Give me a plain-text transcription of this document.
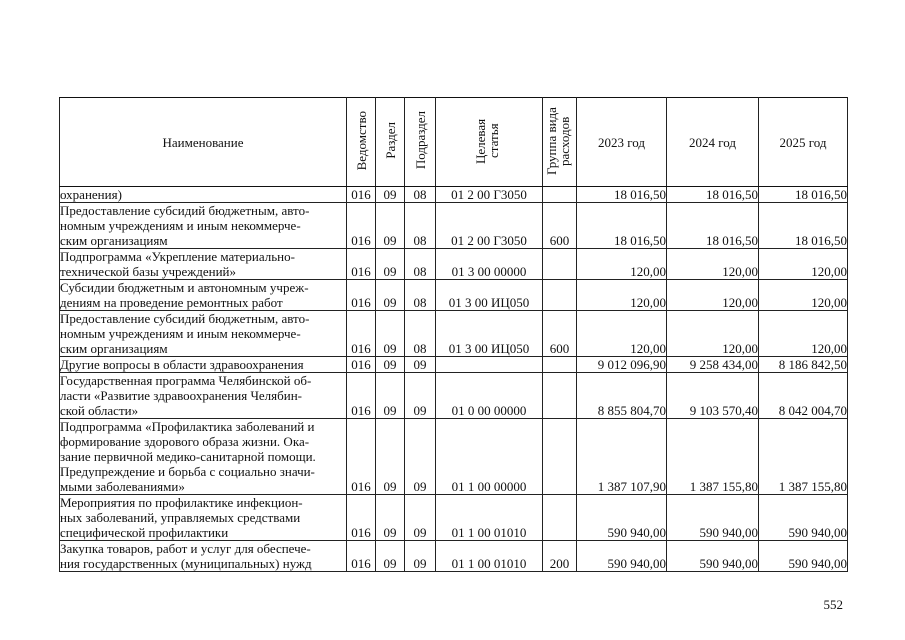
Наименование	Ведомство	Раздел	Подраздел	Целевая статья	Группа вида расходов	2023 год	2024 год	2025 год

охранения)	016	09	08	01 2 00 Г3050		18 016,50	18 016,50	18 016,50

Предоставление субсидий бюджетным, авто-
номным учреждениям и иным некоммерче-
ским организациям	016	09	08	01 2 00 Г3050	600	18 016,50	18 016,50	18 016,50

Подпрограмма «Укрепление материально-
технической базы учреждений»	016	09	08	01 3 00 00000		120,00	120,00	120,00

Субсидии бюджетным и автономным учреж-
дениям на проведение ремонтных работ	016	09	08	01 3 00 ИЦ050		120,00	120,00	120,00

Предоставление субсидий бюджетным, авто-
номным учреждениям и иным некоммерче-
ским организациям	016	09	08	01 3 00 ИЦ050	600	120,00	120,00	120,00

Другие вопросы в области здравоохранения	016	09	09			9 012 096,90	9 258 434,00	8 186 842,50

Государственная программа Челябинской об-
ласти «Развитие здравоохранения Челябин-
ской области»	016	09	09	01 0 00 00000		8 855 804,70	9 103 570,40	8 042 004,70

Подпрограмма «Профилактика заболеваний и
формирование здорового образа жизни. Ока-
зание первичной медико-санитарной помощи.
Предупреждение и борьба с социально значи-
мыми заболеваниями»	016	09	09	01 1 00 00000		1 387 107,90	1 387 155,80	1 387 155,80

Мероприятия по профилактике инфекцион-
ных заболеваний, управляемых средствами
специфической профилактики	016	09	09	01 1 00 01010		590 940,00	590 940,00	590 940,00

Закупка товаров, работ и услуг для обеспече-
ния государственных (муниципальных) нужд	016	09	09	01 1 00 01010	200	590 940,00	590 940,00	590 940,00
552
